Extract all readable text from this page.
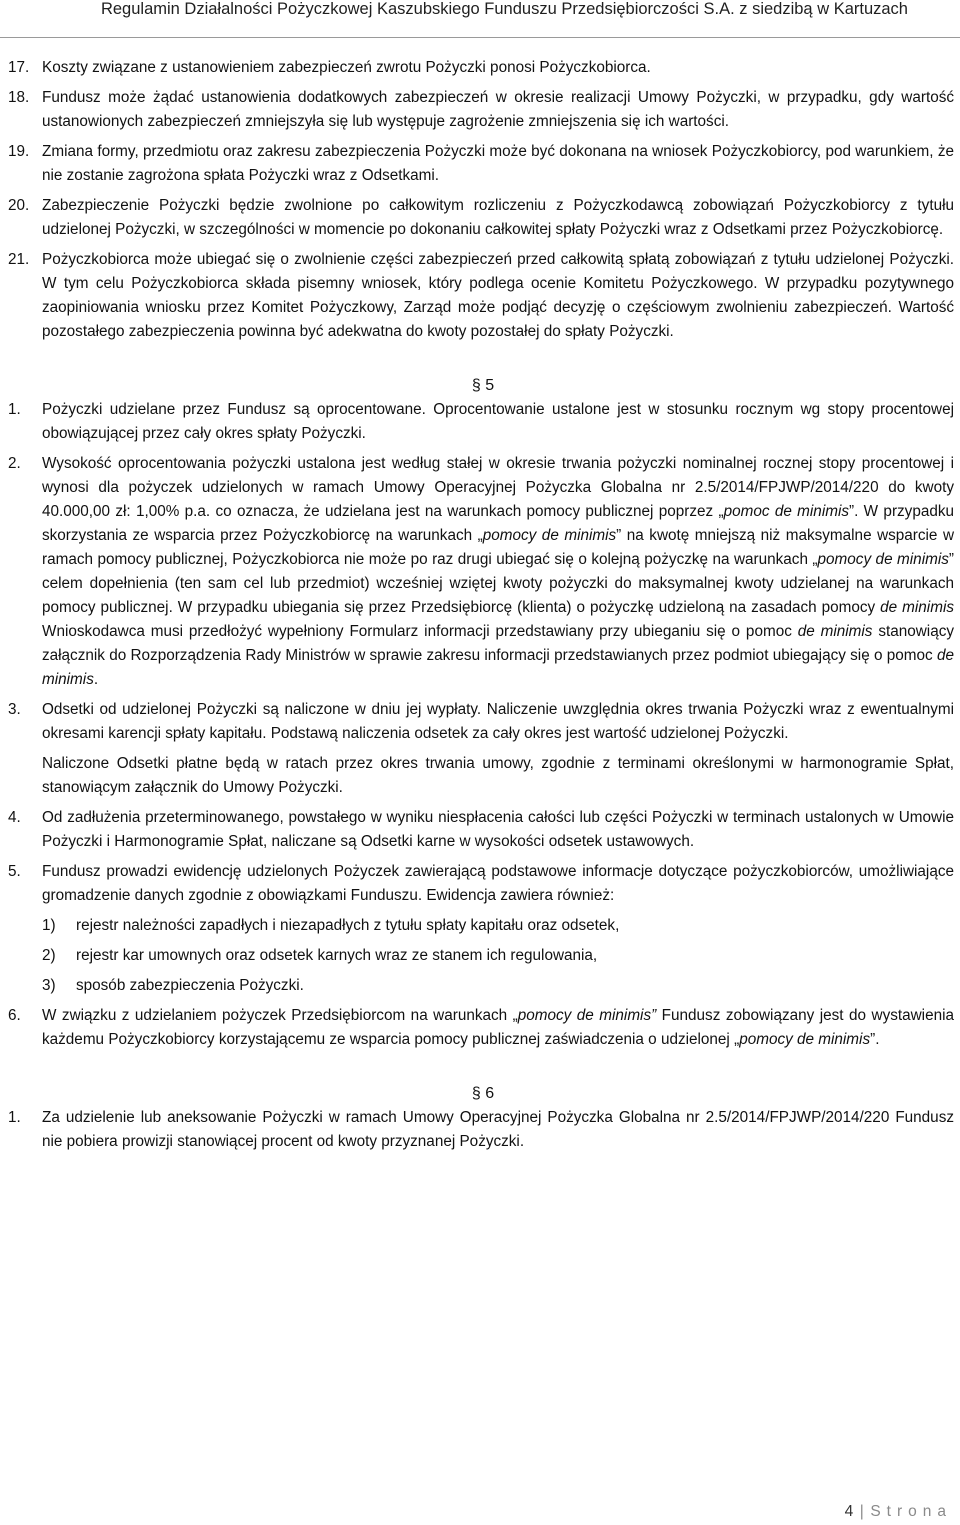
Regulamin Działalności Pożyczkowej Kaszubskiego Funduszu Przedsiębiorczości S.A. z siedzibą w Kartuzach
17. Koszty związane z ustanowieniem zabezpieczeń zwrotu Pożyczki ponosi Pożyczkobiorca.
18. Fundusz może żądać ustanowienia dodatkowych zabezpieczeń w okresie realizacji Umowy Pożyczki, w przypadku, gdy wartość ustanowionych zabezpieczeń zmniejszyła się lub występuje zagrożenie zmniejszenia się ich wartości.
19. Zmiana formy, przedmiotu oraz zakresu zabezpieczenia Pożyczki może być dokonana na wniosek Pożyczkobiorcy, pod warunkiem, że nie zostanie zagrożona spłata Pożyczki wraz z Odsetkami.
20. Zabezpieczenie Pożyczki będzie zwolnione po całkowitym rozliczeniu z Pożyczkodawcą zobowiązań Pożyczkobiorcy z tytułu udzielonej Pożyczki, w szczególności w momencie po dokonaniu całkowitej spłaty Pożyczki wraz z Odsetkami przez Pożyczkobiorcę.
21. Pożyczkobiorca może ubiegać się o zwolnienie części zabezpieczeń przed całkowitą spłatą zobowiązań z tytułu udzielonej Pożyczki. W tym celu Pożyczkobiorca składa pisemny wniosek, który podlega ocenie Komitetu Pożyczkowego. W przypadku pozytywnego zaopiniowania wniosku przez Komitet Pożyczkowy, Zarząd może podjąć decyzję o częściowym zwolnieniu zabezpieczeń. Wartość pozostałego zabezpieczenia powinna być adekwatna do kwoty pozostałej do spłaty Pożyczki.
§ 5
1. Pożyczki udzielane przez Fundusz są oprocentowane. Oprocentowanie ustalone jest w stosunku rocznym wg stopy procentowej obowiązującej przez cały okres spłaty Pożyczki.
2. Wysokość oprocentowania pożyczki ustalona jest według stałej w okresie trwania pożyczki nominalnej rocznej stopy procentowej i wynosi dla pożyczek udzielonych w ramach Umowy Operacyjnej Pożyczka Globalna nr 2.5/2014/FPJWP/2014/220 do kwoty 40.000,00 zł: 1,00% p.a. co oznacza, że udzielana jest na warunkach pomocy publicznej poprzez „pomoc de minimis”. W przypadku skorzystania ze wsparcia przez Pożyczkobiorcę na warunkach „pomocy de minimis” na kwotę mniejszą niż maksymalne wsparcie w ramach pomocy publicznej, Pożyczkobiorca nie może po raz drugi ubiegać się o kolejną pożyczkę na warunkach „pomocy de minimis” celem dopełnienia (ten sam cel lub przedmiot) wcześniej wziętej kwoty pożyczki do maksymalnej kwoty udzielanej na warunkach pomocy publicznej. W przypadku ubiegania się przez Przedsiębiorcę (klienta) o pożyczkę udzieloną na zasadach pomocy de minimis Wnioskodawca musi przedłożyć wypełniony Formularz informacji przedstawiany przy ubieganiu się o pomoc de minimis stanowiący załącznik do Rozporządzenia Rady Ministrów w sprawie zakresu informacji przedstawianych przez podmiot ubiegający się o pomoc de minimis.
3. Odsetki od udzielonej Pożyczki są naliczone w dniu jej wypłaty. Naliczenie uwzględnia okres trwania Pożyczki wraz z ewentualnymi okresami karencji spłaty kapitału. Podstawą naliczenia odsetek za cały okres jest wartość udzielonej Pożyczki.
Naliczone Odsetki płatne będą w ratach przez okres trwania umowy, zgodnie z terminami określonymi w harmonogramie Spłat, stanowiącym załącznik do Umowy Pożyczki.
4. Od zadłużenia przeterminowanego, powstałego w wyniku niespłacenia całości lub części Pożyczki w terminach ustalonych w Umowie Pożyczki i Harmonogramie Spłat, naliczane są Odsetki karne w wysokości odsetek ustawowych.
5. Fundusz prowadzi ewidencję udzielonych Pożyczek zawierającą podstawowe informacje dotyczące pożyczkobiorców, umożliwiające gromadzenie danych zgodnie z obowiązkami Funduszu. Ewidencja zawiera również:
1) rejestr należności zapadłych i niezapadłych z tytułu spłaty kapitału oraz odsetek,
2) rejestr kar umownych oraz odsetek karnych wraz ze stanem ich regulowania,
3) sposób zabezpieczenia Pożyczki.
6. W związku z udzielaniem pożyczek Przedsiębiorcom na warunkach „pomocy de minimis” Fundusz zobowiązany jest do wystawienia każdemu Pożyczkobiorcy korzystającemu ze wsparcia pomocy publicznej zaświadczenia o udzielonej „pomocy de minimis”.
§ 6
1. Za udzielenie lub aneksowanie Pożyczki w ramach Umowy Operacyjnej Pożyczka Globalna nr 2.5/2014/FPJWP/2014/220 Fundusz nie pobiera prowizji stanowiącej procent od kwoty przyznanej Pożyczki.
4 | Strona
